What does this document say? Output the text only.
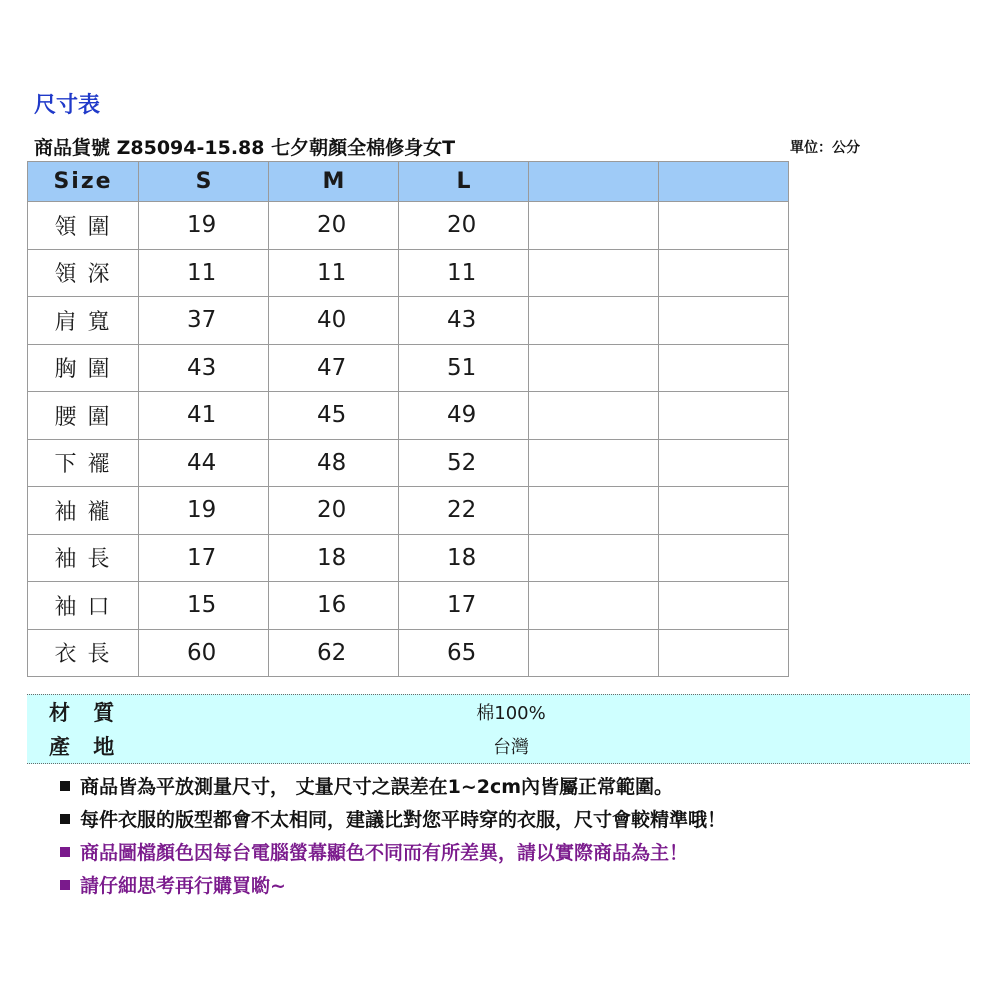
尺寸表
商品貨號 Z85094-15.88 七夕朝顏全棉修身女T	單位：公分
Size	S	M	L		
領 圍	19	20	20		
領 深	11	11	11		
肩 寬	37	40	43		
胸 圍	43	47	51		
腰 圍	41	45	49		
下 襬	44	48	52		
袖 襱	19	20	22		
袖 長	17	18	18		
袖 口	15	16	17		
衣 長	60	62	65		
材 質	棉100%
產 地	台灣
商品皆為平放測量尺寸， 丈量尺寸之誤差在1~2cm內皆屬正常範圍。
每件衣服的版型都會不太相同，建議比對您平時穿的衣服，尺寸會較精準哦！
商品圖檔顏色因每台電腦螢幕顯色不同而有所差異，請以實際商品為主！
請仔細思考再行購買喲~
